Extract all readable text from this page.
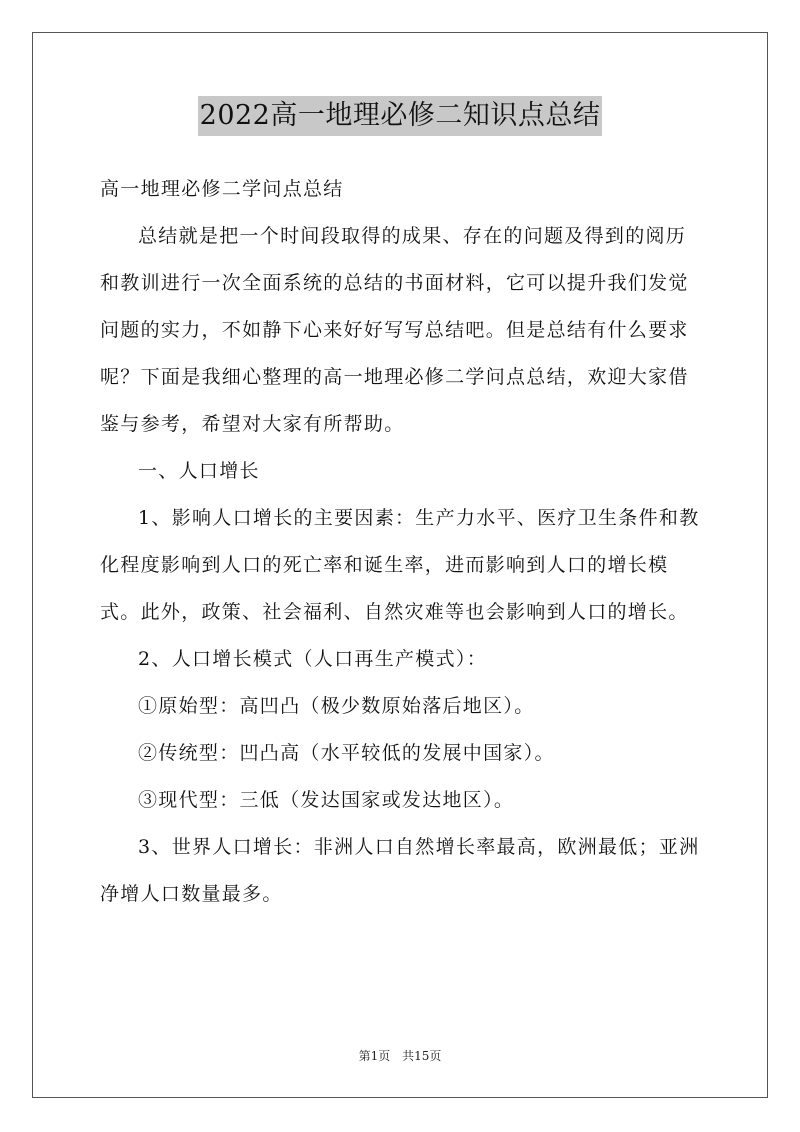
2022高一地理必修二知识点总结

高一地理必修二学问点总结

总结就是把一个时间段取得的成果、存在的问题及得到的阅历和教训进行一次全面系统的总结的书面材料，它可以提升我们发觉问题的实力，不如静下心来好好写写总结吧。但是总结有什么要求呢？下面是我细心整理的高一地理必修二学问点总结，欢迎大家借鉴与参考，希望对大家有所帮助。

一、人口增长

1、影响人口增长的主要因素：生产力水平、医疗卫生条件和教化程度影响到人口的死亡率和诞生率，进而影响到人口的增长模式。此外，政策、社会福利、自然灾难等也会影响到人口的增长。

2、人口增长模式（人口再生产模式）：

①原始型：高凹凸（极少数原始落后地区）。

②传统型：凹凸高（水平较低的发展中国家）。

③现代型：三低（发达国家或发达地区）。

3、世界人口增长：非洲人口自然增长率最高，欧洲最低；亚洲净增人口数量最多。

第1页 共15页
